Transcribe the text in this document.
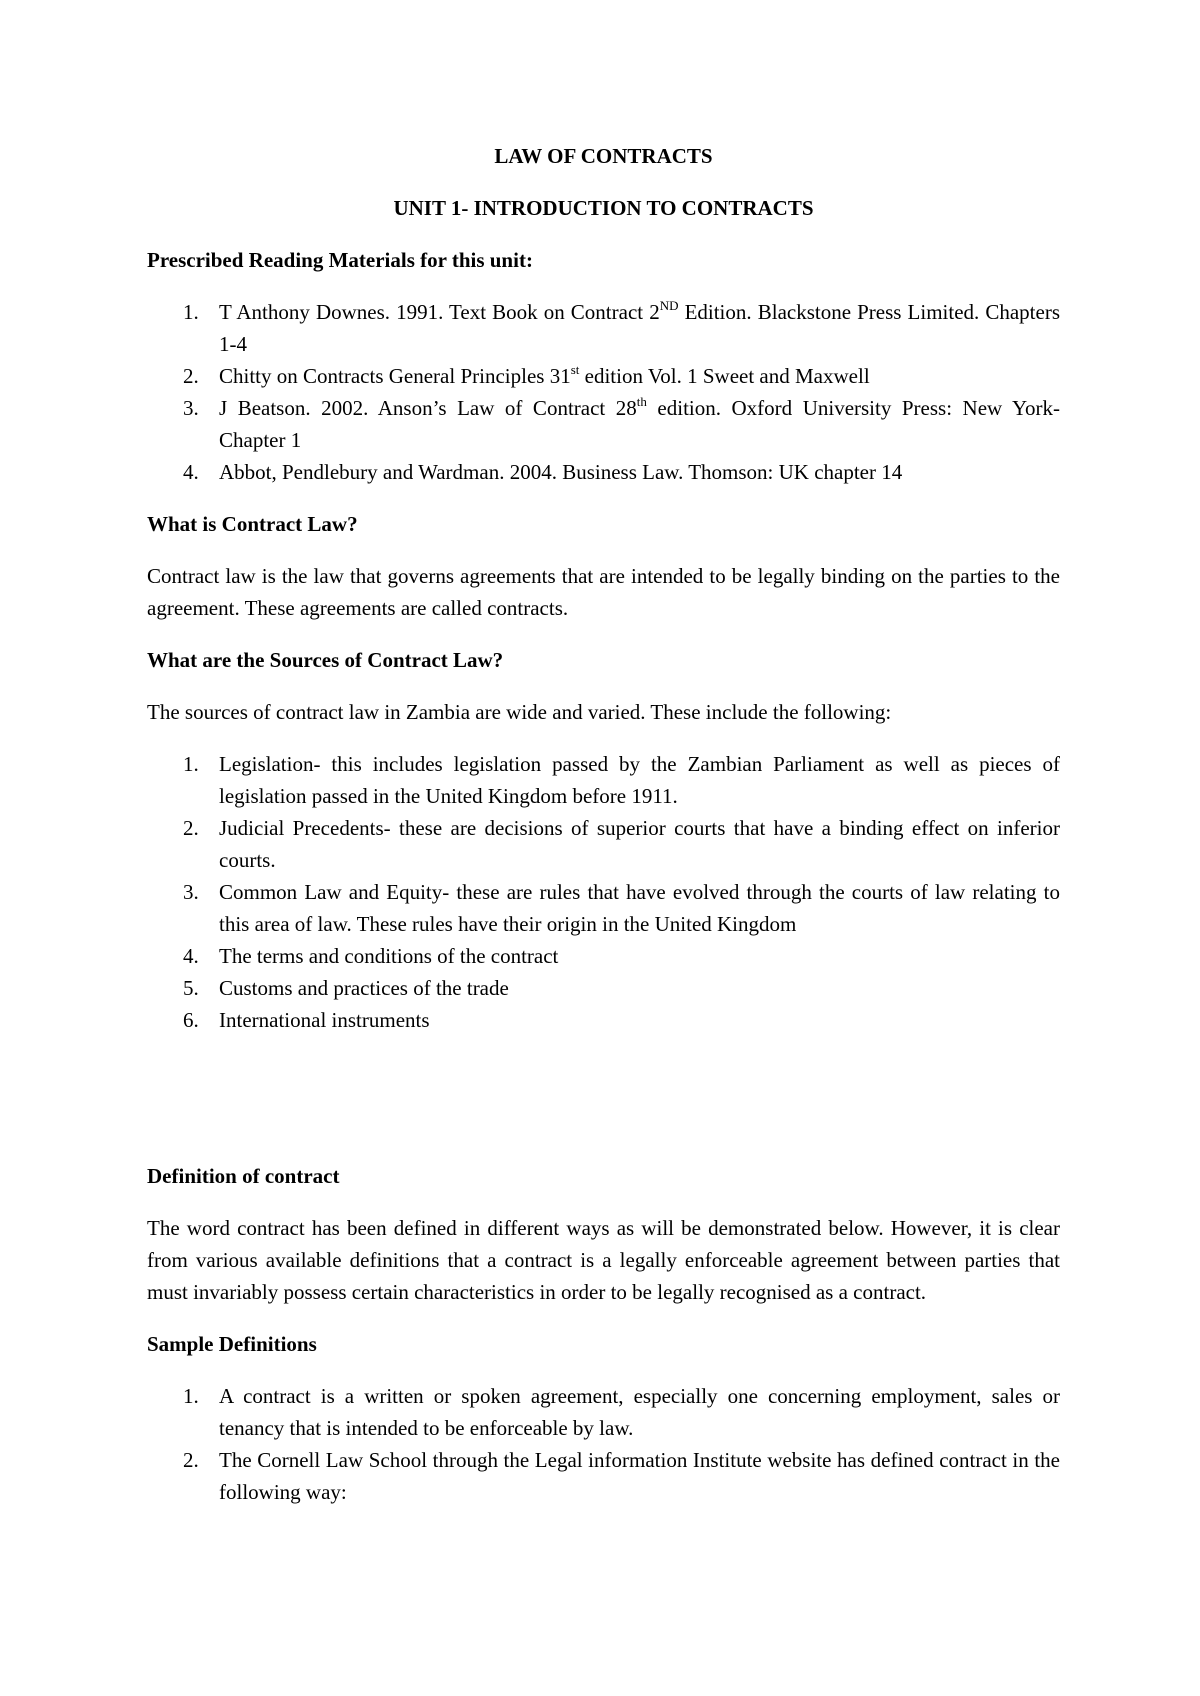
LAW OF CONTRACTS

UNIT 1- INTRODUCTION TO CONTRACTS

Prescribed Reading Materials for this unit:

1. T Anthony Downes. 1991. Text Book on Contract 2ND Edition. Blackstone Press Limited. Chapters 1-4
2. Chitty on Contracts General Principles 31st edition Vol. 1 Sweet and Maxwell
3. J Beatson. 2002. Anson’s Law of Contract 28th edition. Oxford University Press: New York- Chapter 1
4. Abbot, Pendlebury and Wardman. 2004. Business Law. Thomson: UK chapter 14

What is Contract Law?

Contract law is the law that governs agreements that are intended to be legally binding on the parties to the agreement. These agreements are called contracts.

What are the Sources of Contract Law?

The sources of contract law in Zambia are wide and varied. These include the following:

1. Legislation- this includes legislation passed by the Zambian Parliament as well as pieces of legislation passed in the United Kingdom before 1911.
2. Judicial Precedents- these are decisions of superior courts that have a binding effect on inferior courts.
3. Common Law and Equity- these are rules that have evolved through the courts of law relating to this area of law. These rules have their origin in the United Kingdom
4. The terms and conditions of the contract
5. Customs and practices of the trade
6. International instruments

Definition of contract

The word contract has been defined in different ways as will be demonstrated below. However, it is clear from various available definitions that a contract is a legally enforceable agreement between parties that must invariably possess certain characteristics in order to be legally recognised as a contract.

Sample Definitions

1. A contract is a written or spoken agreement, especially one concerning employment, sales or tenancy that is intended to be enforceable by law.
2. The Cornell Law School through the Legal information Institute website has defined contract in the following way:
